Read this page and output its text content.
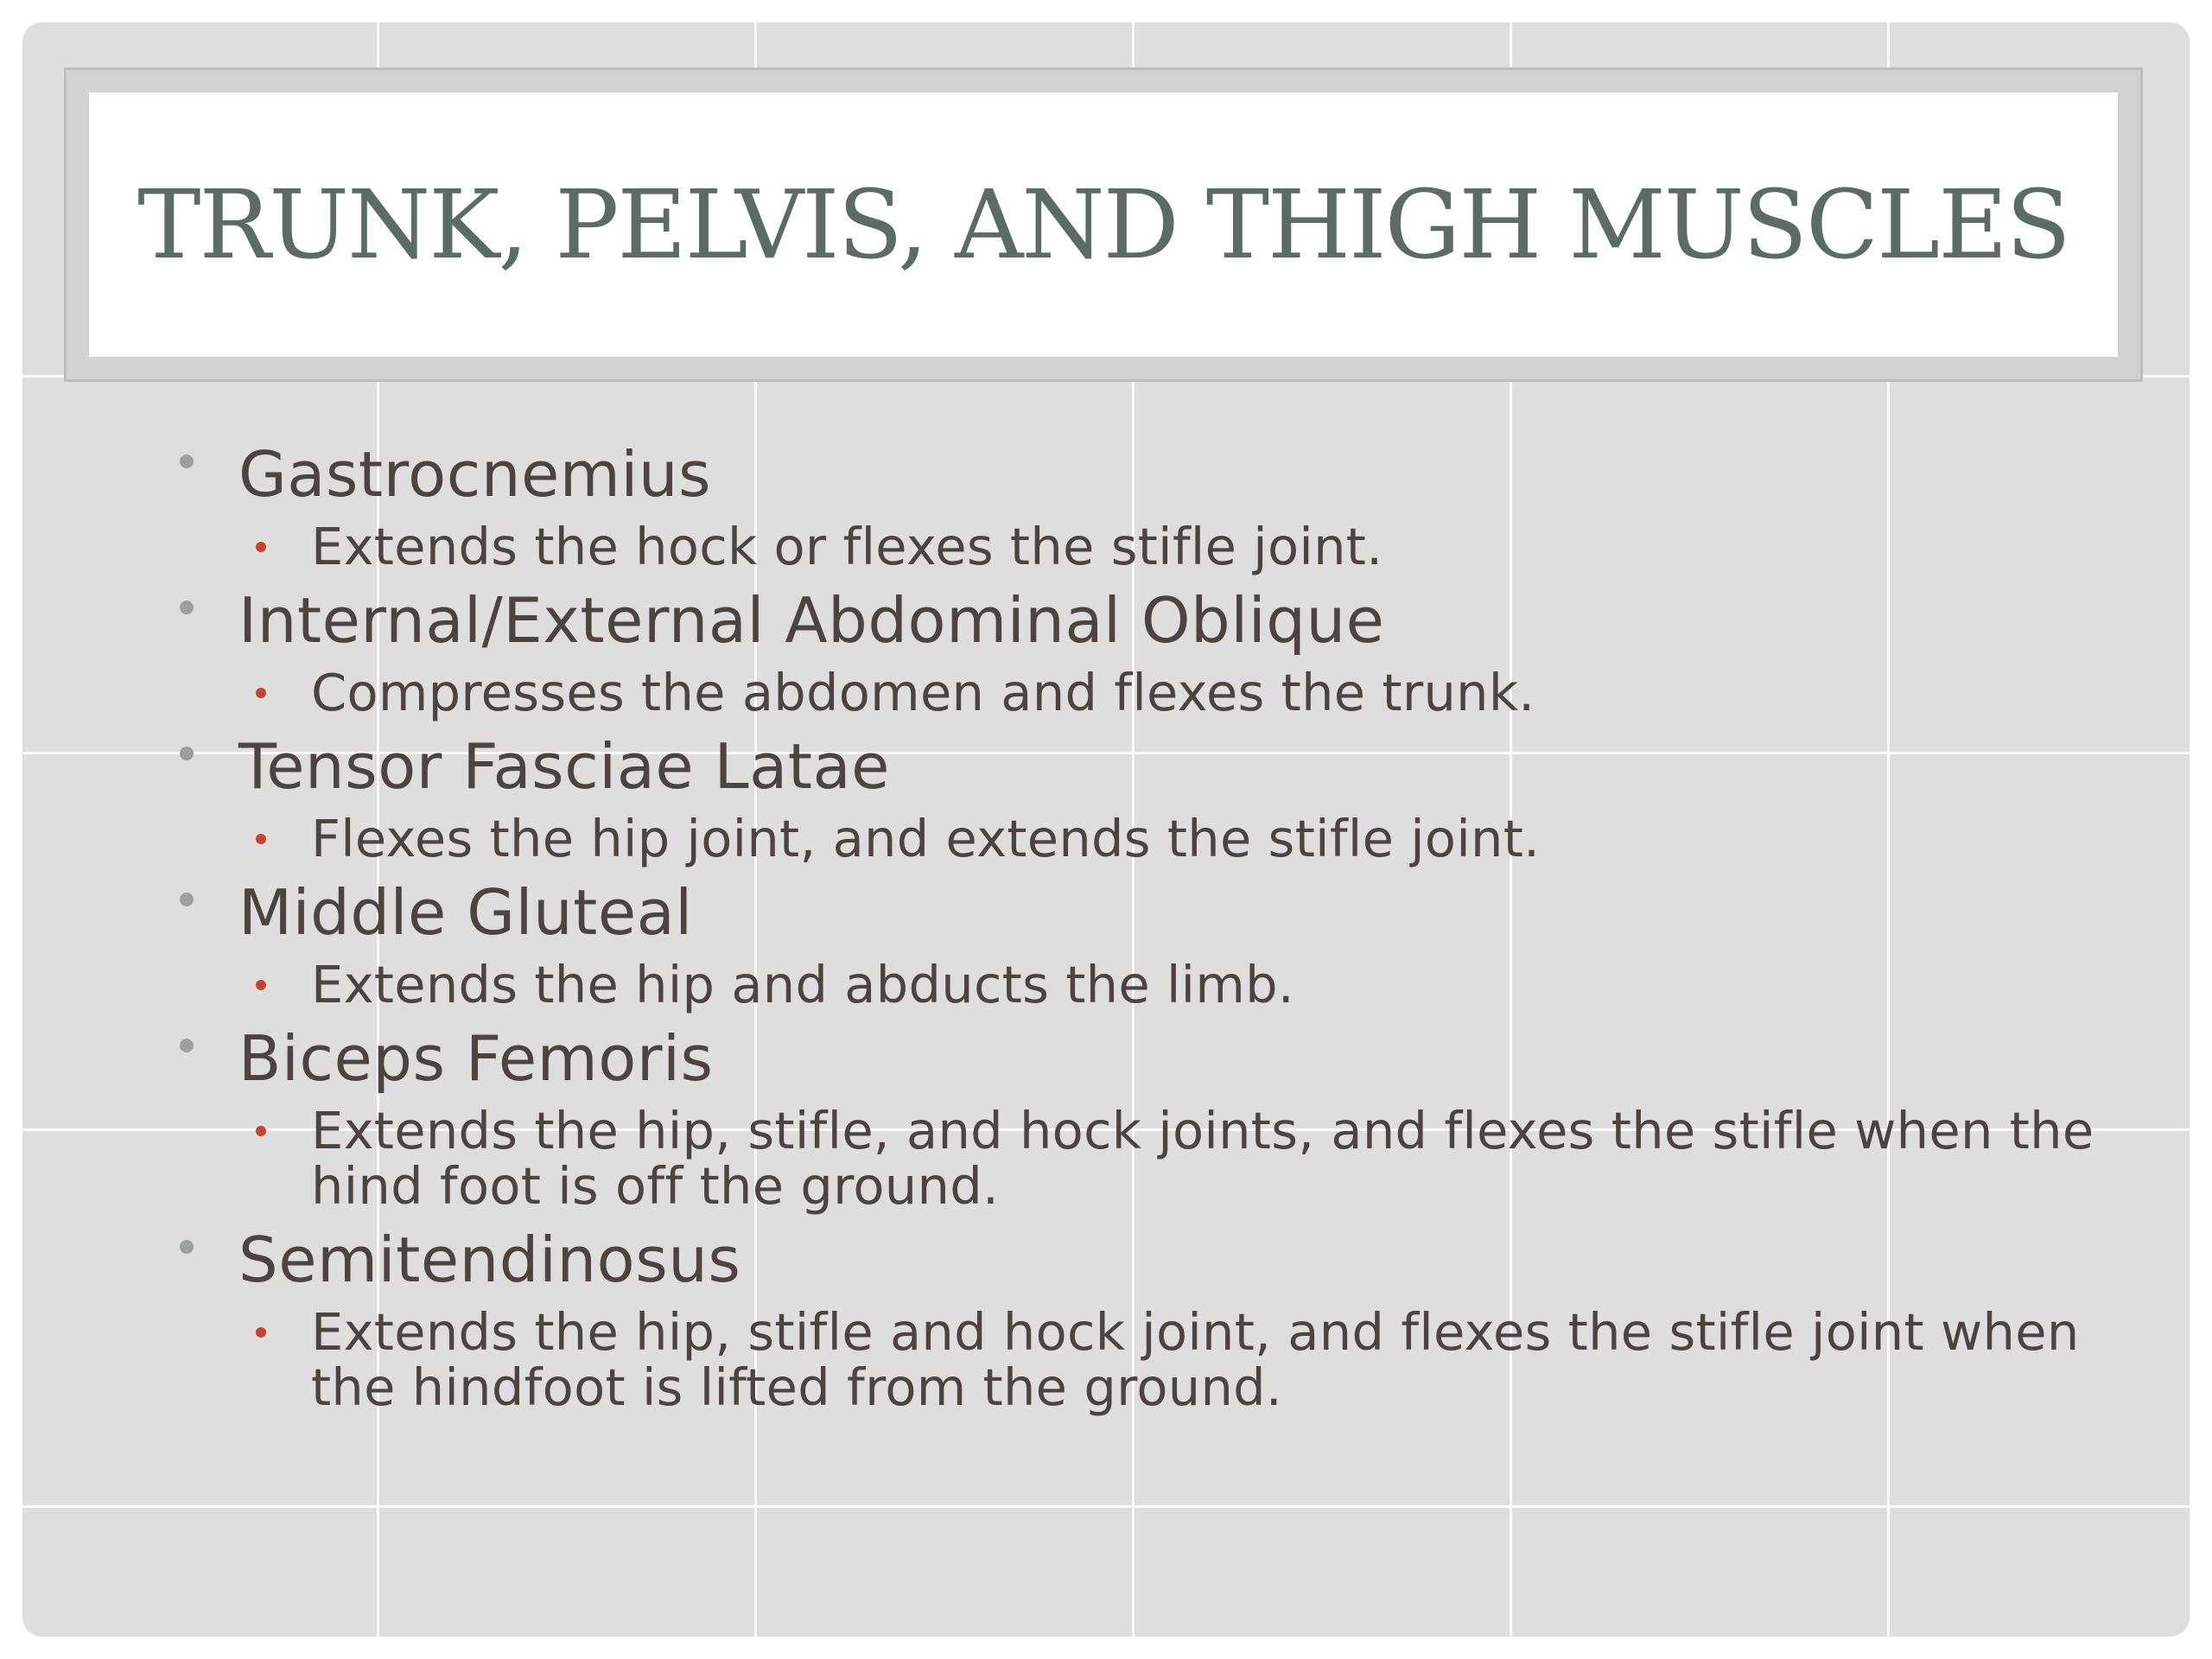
TRUNK, PELVIS, AND THIGH MUSCLES
Gastrocnemius
Extends the hock or flexes the stifle joint.
Internal/External Abdominal Oblique
Compresses the abdomen and flexes the trunk.
Tensor Fasciae Latae
Flexes the hip joint, and extends the stifle joint.
Middle Gluteal
Extends the hip and abducts the limb.
Biceps Femoris
Extends the hip, stifle, and hock joints, and flexes the stifle when the hind foot is off the ground.
Semitendinosus
Extends the hip, stifle and hock joint, and flexes the stifle joint when the hindfoot is lifted from the ground.
